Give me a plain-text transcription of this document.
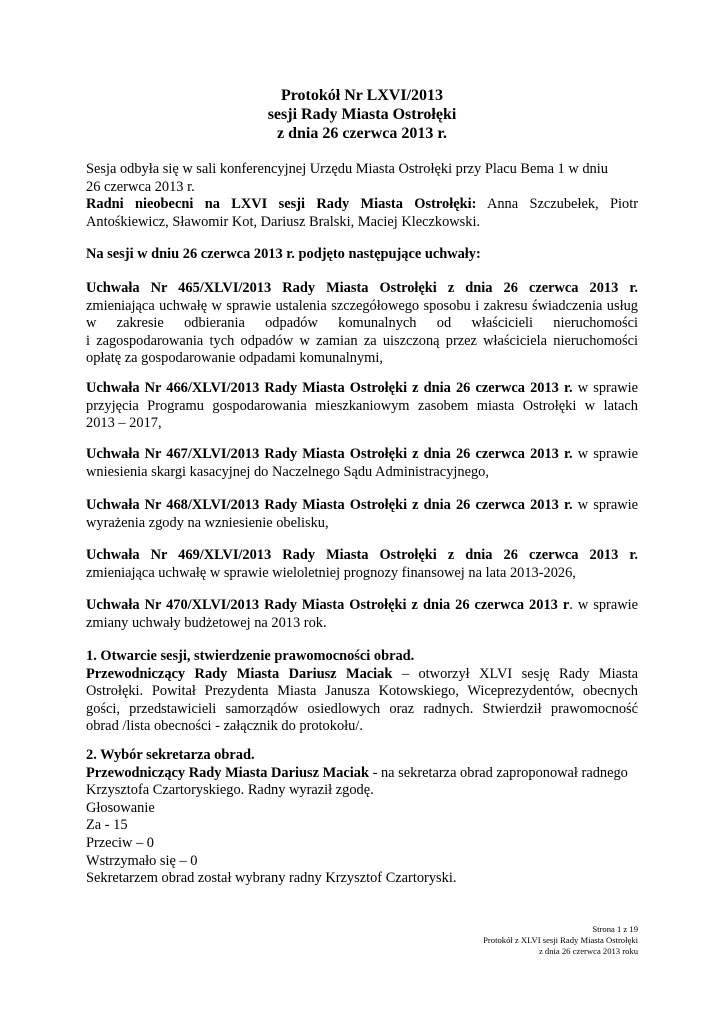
Protokół Nr LXVI/2013
sesji Rady Miasta Ostrołęki
z dnia 26 czerwca 2013 r.
Sesja odbyła się w sali konferencyjnej Urzędu Miasta Ostrołęki przy Placu Bema 1 w dniu
26 czerwca 2013 r.
Radni nieobecni na LXVI sesji Rady Miasta Ostrołęki: Anna Szczubełek, Piotr
Antośkiewicz, Sławomir Kot, Dariusz Bralski, Maciej Kleczkowski.
Na sesji w dniu 26 czerwca 2013 r. podjęto następujące uchwały:
Uchwała Nr 465/XLVI/2013 Rady Miasta Ostrołęki z dnia 26 czerwca 2013 r.
zmieniająca uchwałę w sprawie ustalenia szczegółowego sposobu i zakresu świadczenia usług
w zakresie odbierania odpadów komunalnych od właścicieli nieruchomości
i zagospodarowania tych odpadów w zamian za uiszczoną przez właściciela nieruchomości
opłatę za gospodarowanie odpadami komunalnymi,
Uchwała Nr 466/XLVI/2013 Rady Miasta Ostrołęki z dnia 26 czerwca 2013 r. w sprawie
przyjęcia Programu gospodarowania mieszkaniowym zasobem miasta Ostrołęki w latach
2013 – 2017,
Uchwała Nr 467/XLVI/2013 Rady Miasta Ostrołęki z dnia 26 czerwca 2013 r. w sprawie
wniesienia skargi kasacyjnej do Naczelnego Sądu Administracyjnego,
Uchwała Nr 468/XLVI/2013 Rady Miasta Ostrołęki z dnia 26 czerwca 2013 r. w sprawie
wyrażenia zgody na wzniesienie obelisku,
Uchwała Nr 469/XLVI/2013 Rady Miasta Ostrołęki z dnia 26 czerwca 2013 r.
zmieniająca uchwałę w sprawie wieloletniej prognozy finansowej na lata 2013-2026,
Uchwała Nr 470/XLVI/2013 Rady Miasta Ostrołęki z dnia 26 czerwca 2013 r. w sprawie
zmiany uchwały budżetowej na 2013 rok.
1. Otwarcie sesji, stwierdzenie prawomocności obrad.
Przewodniczący Rady Miasta Dariusz Maciak – otworzył XLVI sesję Rady Miasta
Ostrołęki. Powitał Prezydenta Miasta Janusza Kotowskiego, Wiceprezydentów, obecnych
gości, przedstawicieli samorządów osiedlowych oraz radnych. Stwierdził prawomocność
obrad /lista obecności - załącznik do protokołu/.
2. Wybór sekretarza obrad.
Przewodniczący Rady Miasta Dariusz Maciak - na sekretarza obrad zaproponował radnego
Krzysztofa Czartoryskiego. Radny wyraził zgodę.
Głosowanie
Za - 15
Przeciw – 0
Wstrzymało się – 0
Sekretarzem obrad został wybrany radny Krzysztof Czartoryski.
Strona 1 z 19
Protokół z XLVI sesji Rady Miasta Ostrołęki
z dnia 26 czerwca 2013 roku
